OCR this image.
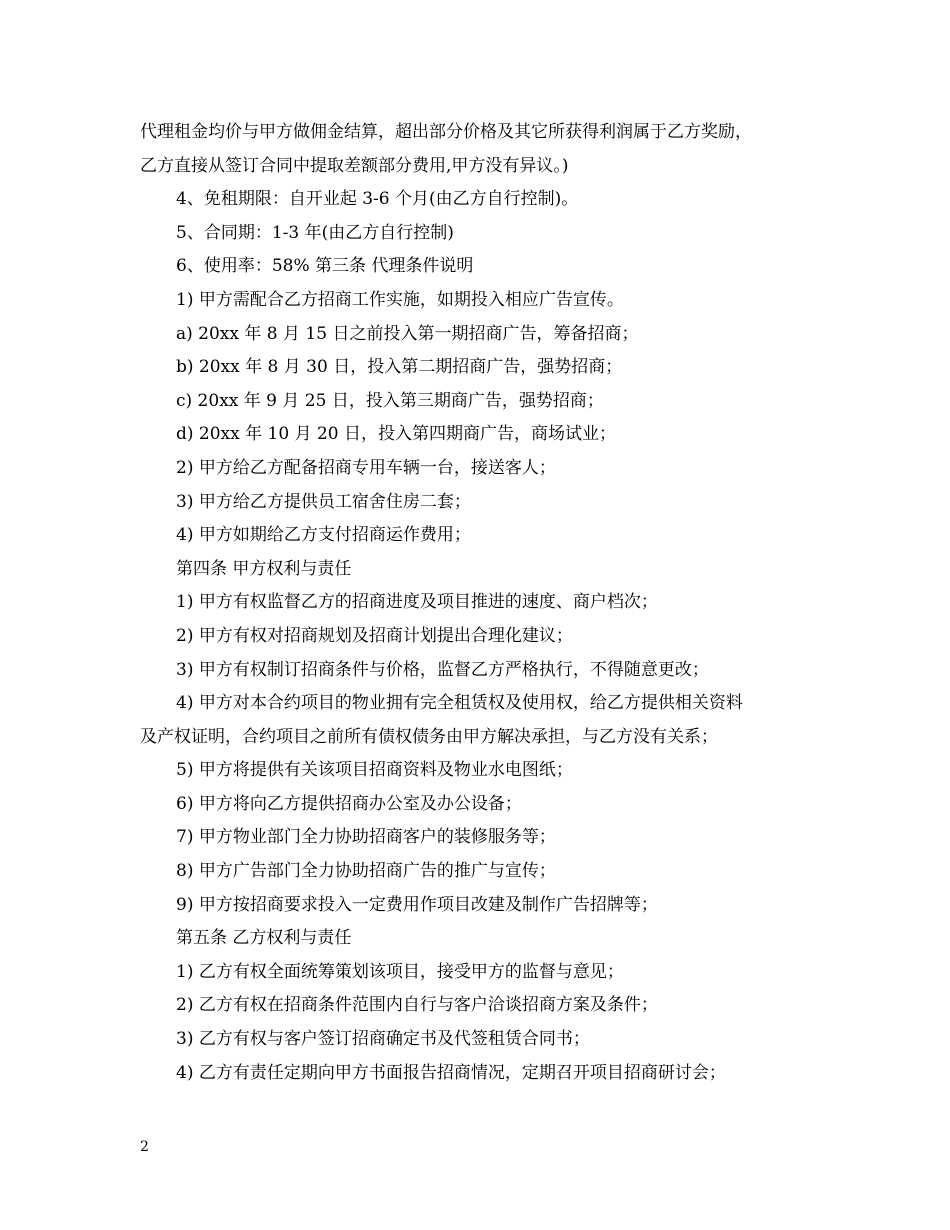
代理租金均价与甲方做佣金结算，超出部分价格及其它所获得利润属于乙方奖励，
乙方直接从签订合同中提取差额部分费用,甲方没有异议。)
4、免租期限：自开业起 3-6 个月(由乙方自行控制)。
5、合同期：1-3 年(由乙方自行控制)
6、使用率：58% 第三条 代理条件说明
1) 甲方需配合乙方招商工作实施，如期投入相应广告宣传。
a) 20xx 年 8 月 15 日之前投入第一期招商广告，筹备招商；
b) 20xx 年 8 月 30 日，投入第二期招商广告，强势招商；
c) 20xx 年 9 月 25 日，投入第三期商广告，强势招商；
d) 20xx 年 10 月 20 日，投入第四期商广告，商场试业；
2) 甲方给乙方配备招商专用车辆一台，接送客人；
3) 甲方给乙方提供员工宿舍住房二套；
4) 甲方如期给乙方支付招商运作费用；
第四条 甲方权利与责任
1) 甲方有权监督乙方的招商进度及项目推进的速度、商户档次；
2) 甲方有权对招商规划及招商计划提出合理化建议；
3) 甲方有权制订招商条件与价格，监督乙方严格执行，不得随意更改；
4) 甲方对本合约项目的物业拥有完全租赁权及使用权，给乙方提供相关资料
及产权证明，合约项目之前所有债权债务由甲方解决承担，与乙方没有关系；
5) 甲方将提供有关该项目招商资料及物业水电图纸；
6) 甲方将向乙方提供招商办公室及办公设备；
7) 甲方物业部门全力协助招商客户的装修服务等；
8) 甲方广告部门全力协助招商广告的推广与宣传；
9) 甲方按招商要求投入一定费用作项目改建及制作广告招牌等；
第五条 乙方权利与责任
1) 乙方有权全面统筹策划该项目，接受甲方的监督与意见；
2) 乙方有权在招商条件范围内自行与客户洽谈招商方案及条件；
3) 乙方有权与客户签订招商确定书及代签租赁合同书；
4) 乙方有责任定期向甲方书面报告招商情况，定期召开项目招商研讨会；
2
